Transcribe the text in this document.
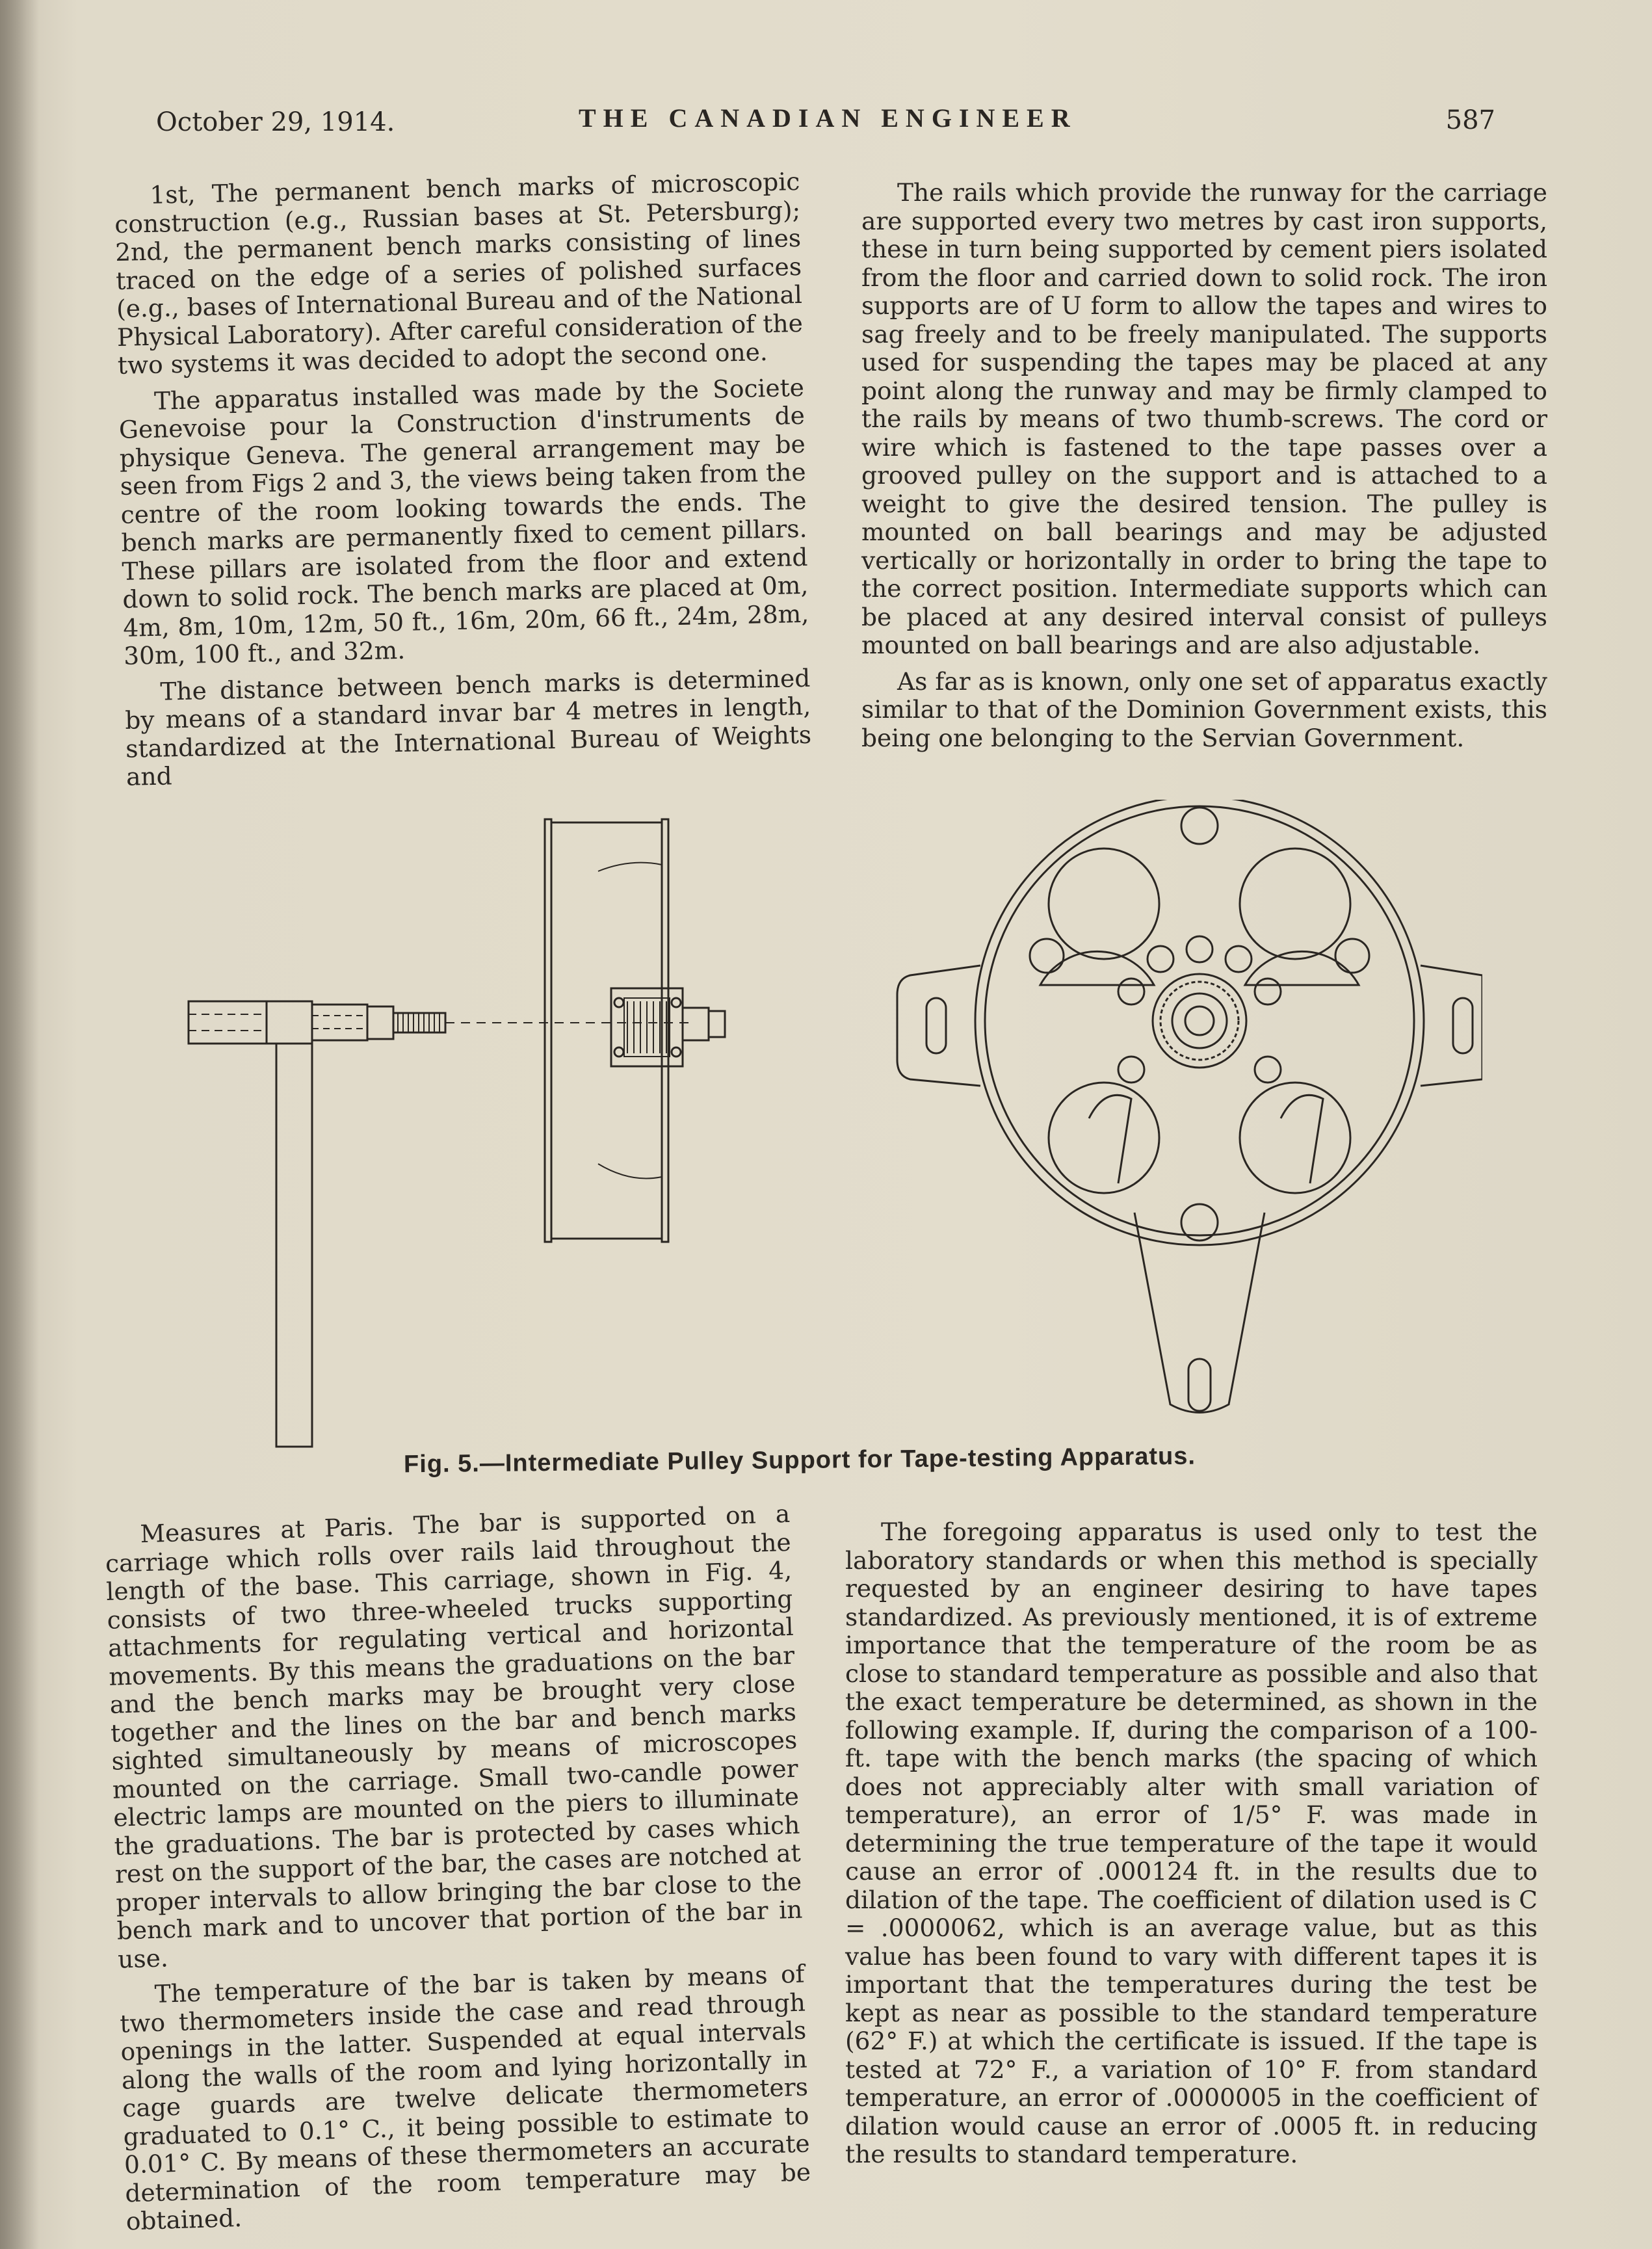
October 29, 1914.	THE CANADIAN ENGINEER	587

1st, The permanent bench marks of microscopic construction (e.g., Russian bases at St. Petersburg); 2nd, the permanent bench marks consisting of lines traced on the edge of a series of polished surfaces (e.g., bases of International Bureau and of the National Physical Laboratory). After careful consideration of the two systems it was decided to adopt the second one.

The apparatus installed was made by the Societe Genevoise pour la Construction d'instruments de physique Geneva. The general arrangement may be seen from Figs 2 and 3, the views being taken from the centre of the room looking towards the ends. The bench marks are permanently fixed to cement pillars. These pillars are isolated from the floor and extend down to solid rock. The bench marks are placed at 0m, 4m, 8m, 10m, 12m, 50 ft., 16m, 20m, 66 ft., 24m, 28m, 30m, 100 ft., and 32m.

The distance between bench marks is determined by means of a standard invar bar 4 metres in length, standardized at the International Bureau of Weights and

The rails which provide the runway for the carriage are supported every two metres by cast iron supports, these in turn being supported by cement piers isolated from the floor and carried down to solid rock. The iron supports are of U form to allow the tapes and wires to sag freely and to be freely manipulated. The supports used for suspending the tapes may be placed at any point along the runway and may be firmly clamped to the rails by means of two thumb-screws. The cord or wire which is fastened to the tape passes over a grooved pulley on the support and is attached to a weight to give the desired tension. The pulley is mounted on ball bearings and may be adjusted vertically or horizontally in order to bring the tape to the correct position. Intermediate supports which can be placed at any desired interval consist of pulleys mounted on ball bearings and are also adjustable.

As far as is known, only one set of apparatus exactly similar to that of the Dominion Government exists, this being one belonging to the Servian Government.

Fig. 5.—Intermediate Pulley Support for Tape-testing Apparatus.

Measures at Paris. The bar is supported on a carriage which rolls over rails laid throughout the length of the base. This carriage, shown in Fig. 4, consists of two three-wheeled trucks supporting attachments for regulating vertical and horizontal movements. By this means the graduations on the bar and the bench marks may be brought very close together and the lines on the bar and bench marks sighted simultaneously by means of microscopes mounted on the carriage. Small two-candle power electric lamps are mounted on the piers to illuminate the graduations. The bar is protected by cases which rest on the support of the bar, the cases are notched at proper intervals to allow bringing the bar close to the bench mark and to uncover that portion of the bar in use.

The temperature of the bar is taken by means of two thermometers inside the case and read through openings in the latter. Suspended at equal intervals along the walls of the room and lying horizontally in cage guards are twelve delicate thermometers graduated to 0.1° C., it being possible to estimate to 0.01° C. By means of these thermometers an accurate determination of the room temperature may be obtained.

The foregoing apparatus is used only to test the laboratory standards or when this method is specially requested by an engineer desiring to have tapes standardized. As previously mentioned, it is of extreme importance that the temperature of the room be as close to standard temperature as possible and also that the exact temperature be determined, as shown in the following example. If, during the comparison of a 100-ft. tape with the bench marks (the spacing of which does not appreciably alter with small variation of temperature), an error of 1/5° F. was made in determining the true temperature of the tape it would cause an error of .000124 ft. in the results due to dilation of the tape. The coefficient of dilation used is C = .0000062, which is an average value, but as this value has been found to vary with different tapes it is important that the temperatures during the test be kept as near as possible to the standard temperature (62° F.) at which the certificate is issued. If the tape is tested at 72° F., a variation of 10° F. from standard temperature, an error of .0000005 in the coefficient of dilation would cause an error of .0005 ft. in reducing the results to standard temperature.
